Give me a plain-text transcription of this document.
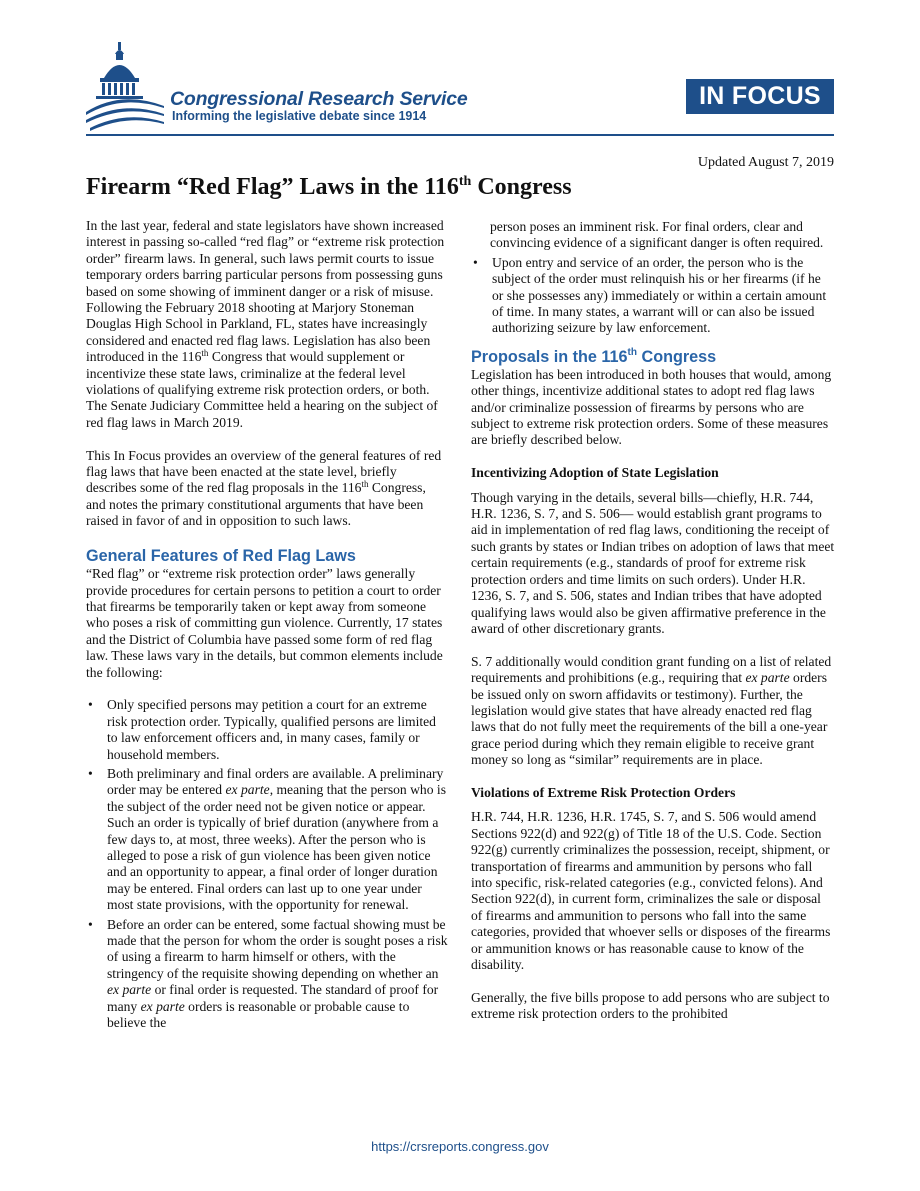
Congressional Research Service
Informing the legislative debate since 1914
IN FOCUS
Updated August 7, 2019
Firearm “Red Flag” Laws in the 116th Congress

In the last year, federal and state legislators have shown increased interest in passing so-called “red flag” or “extreme risk protection order” firearm laws. In general, such laws permit courts to issue temporary orders barring particular persons from possessing guns based on some showing of imminent danger or a risk of misuse. Following the February 2018 shooting at Marjory Stoneman Douglas High School in Parkland, FL, states have increasingly considered and enacted red flag laws. Legislation has also been introduced in the 116th Congress that would supplement or incentivize these state laws, criminalize at the federal level violations of qualifying extreme risk protection orders, or both. The Senate Judiciary Committee held a hearing on the subject of red flag laws in March 2019.

This In Focus provides an overview of the general features of red flag laws that have been enacted at the state level, briefly describes some of the red flag proposals in the 116th Congress, and notes the primary constitutional arguments that have been raised in favor of and in opposition to such laws.

General Features of Red Flag Laws

“Red flag” or “extreme risk protection order” laws generally provide procedures for certain persons to petition a court to order that firearms be temporarily taken or kept away from someone who poses a risk of committing gun violence. Currently, 17 states and the District of Columbia have passed some form of red flag law. These laws vary in the details, but common elements include the following:

• Only specified persons may petition a court for an extreme risk protection order. Typically, qualified persons are limited to law enforcement officers and, in many cases, family or household members.
• Both preliminary and final orders are available. A preliminary order may be entered ex parte, meaning that the person who is the subject of the order need not be given notice or appear. Such an order is typically of brief duration (anywhere from a few days to, at most, three weeks). After the person who is alleged to pose a risk of gun violence has been given notice and an opportunity to appear, a final order of longer duration may be entered. Final orders can last up to one year under most state provisions, with the opportunity for renewal.
• Before an order can be entered, some factual showing must be made that the person for whom the order is sought poses a risk of using a firearm to harm himself or others, with the stringency of the requisite showing depending on whether an ex parte or final order is requested. The standard of proof for many ex parte orders is reasonable or probable cause to believe the

person poses an imminent risk. For final orders, clear and convincing evidence of a significant danger is often required.

• Upon entry and service of an order, the person who is the subject of the order must relinquish his or her firearms (if he or she possesses any) immediately or within a certain amount of time. In many states, a warrant will or can also be issued authorizing seizure by law enforcement.
Proposals in the 116th Congress

Legislation has been introduced in both houses that would, among other things, incentivize additional states to adopt red flag laws and/or criminalize possession of firearms by persons who are subject to extreme risk protection orders. Some of these measures are briefly described below.

Incentivizing Adoption of State Legislation

Though varying in the details, several bills—chiefly, H.R. 744, H.R. 1236, S. 7, and S. 506— would establish grant programs to aid in implementation of red flag laws, conditioning the receipt of such grants by states or Indian tribes on adoption of laws that meet certain requirements (e.g., standards of proof for extreme risk protection orders and time limits on such orders). Under H.R. 1236, S. 7, and S. 506, states and Indian tribes that have adopted qualifying laws would also be given affirmative preference in the award of other discretionary grants.

S. 7 additionally would condition grant funding on a list of related requirements and prohibitions (e.g., requiring that ex parte orders be issued only on sworn affidavits or testimony). Further, the legislation would give states that have already enacted red flag laws that do not fully meet the requirements of the bill a one-year grace period during which they remain eligible to receive grant money so long as “similar” requirements are in place.

Violations of Extreme Risk Protection Orders

H.R. 744, H.R. 1236, H.R. 1745, S. 7, and S. 506 would amend Sections 922(d) and 922(g) of Title 18 of the U.S. Code. Section 922(g) currently criminalizes the possession, receipt, shipment, or transportation of firearms and ammunition by persons who fall into specific, risk-related categories (e.g., convicted felons). And Section 922(d), in current form, criminalizes the sale or disposal of firearms and ammunition to persons who fall into the same categories, provided that whoever sells or disposes of the firearms or ammunition knows or has reasonable cause to know of the disability.

Generally, the five bills propose to add persons who are subject to extreme risk protection orders to the prohibited

https://crsreports.congress.gov
